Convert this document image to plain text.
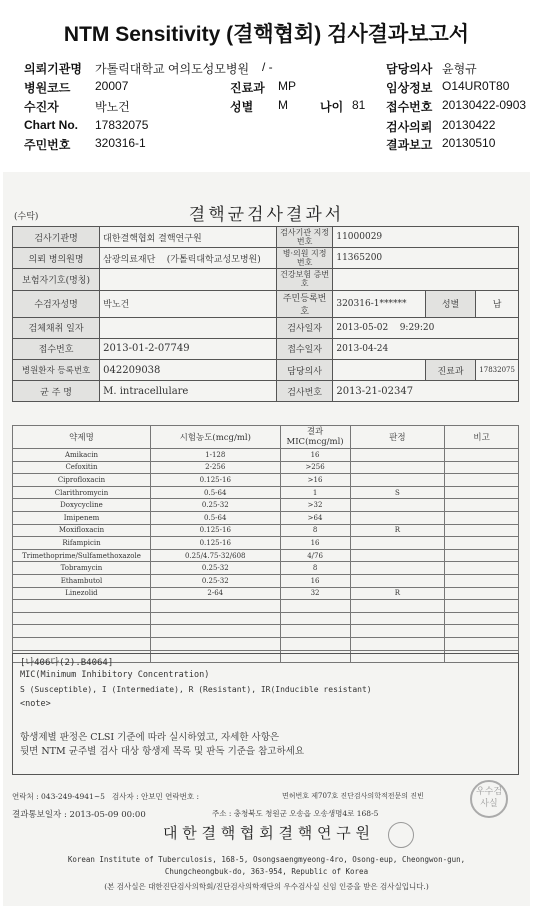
NTM Sensitivity (결핵협회) 검사결과보고서
의뢰기관명 가톨릭대학교 여의도성모병원 / -	담당의사 윤형규
병원코드 20007	진료과 MP	임상정보 O14UR0T80
수진자	박노건	성별 M	나이 81 접수번호 20130422-0903
Chart No. 17832075	검사의뢰 20130422
주민번호 320316-1	결과보고 20130510
(수탁)	결핵균검사결과서
검사기관명	대한결핵협회 결핵연구원	검사기관 지정번호	11000029		
의뢰 병의원명	삼광의료재단 (가톨릭대학교성모병원)	병·의원 지정번호	11365200		
보험자기호(명칭)		건강보험 증번호			
수검자성명	박노건	주민등록번호	320316-1******	성별	남
검체채취 일자		검사일자	2013-05-02 9:29:20		
접수번호	2013-01-2-07749	접수일자	2013-04-24		
병원환자 등록번호	042209038	담당의사		진료과	17832075
균 주 명	M. intracellulare	검사번호	2013-21-02347		
약제명	시험농도(mcg/ml)	결과 MIC(mcg/ml)	판정	비고
Amikacin	1-128	16		
Cefoxitin	2-256	>256		
Ciprofloxacin	0.125-16	>16		
Clarithromycin	0.5-64	1	S	
Doxycycline	0.25-32	>32		
Imipenem	0.5-64	>64		
Moxifloxacin	0.125-16	8	R	
Rifampicin	0.125-16	16		
Trimethoprime/Sulfamethoxazole	0.25/4.75-32/608	4/76		
Tobramycin	0.25-32	8		
Ethambutol	0.25-32	16		
Linezolid	2-64	32	R	

[나406다(2).B4064]
MIC(Minimum Inhibitory Concentration)
S (Susceptible), I (Intermediate), R (Resistant), IR(Inducible resistant)
<note>
항생제별 판정은 CLSI 기준에 따라 실시하였고, 자세한 사항은
뒷면 NTM 균주별 검사 대상 항생제 목록 및 판독 기준을 참고하세요
연락처 : 043-249-4941~5 검사자 : 안보민 연락번호 :	면허번호 제707호 진단검사의학적전문의 진빈
결과통보일자 : 2013-05-09 00:00	주소 : 충청북도 청원군 오송읍 오송생명4로 168-5
대 한 결 핵 협 회 결 핵 연 구 원
Korean Institute of Tuberculosis, 168-5, Osongsaengmyeong-4ro, Osong-eup, Cheongwon-gun,
Chungcheongbuk-do, 363-954, Republic of Korea
(본 검사실은 대한진단검사의학회/진단검사의학재단의 우수검사실 신임 인증을 받은 검사실입니다.)
우수검사실
